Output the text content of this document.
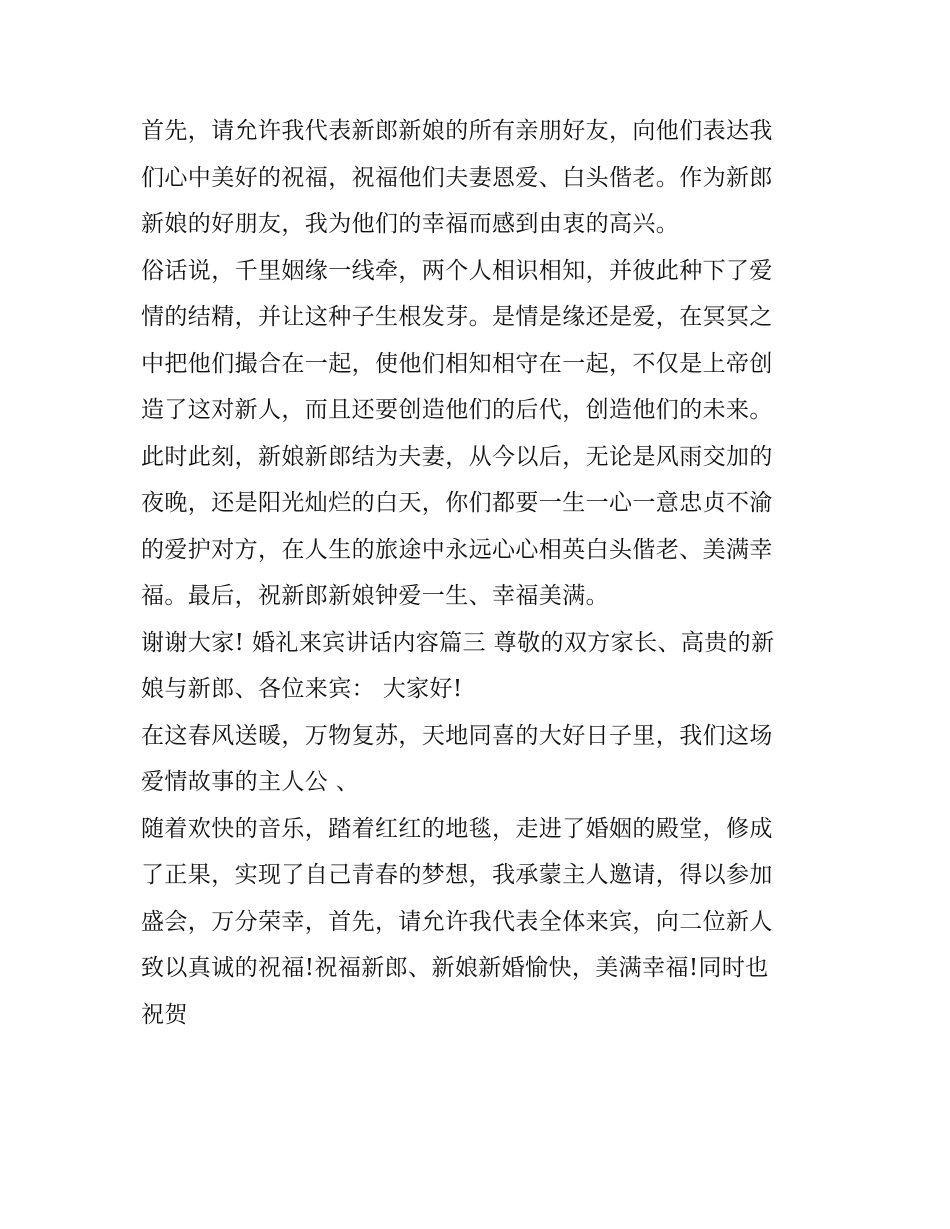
首先，请允许我代表新郎新娘的所有亲朋好友，向他们表达我
们心中美好的祝福，祝福他们夫妻恩爱、白头偕老。作为新郎
新娘的好朋友，我为他们的幸福而感到由衷的高兴。

俗话说，千里姻缘一线牵，两个人相识相知，并彼此种下了爱
情的结精，并让这种子生根发芽。是情是缘还是爱，在冥冥之
中把他们撮合在一起，使他们相知相守在一起，不仅是上帝创
造了这对新人，而且还要创造他们的后代，创造他们的未来。

此时此刻，新娘新郎结为夫妻，从今以后，无论是风雨交加的
夜晚，还是阳光灿烂的白天，你们都要一生一心一意忠贞不渝
的爱护对方，在人生的旅途中永远心心相英白头偕老、美满幸
福。最后，祝新郎新娘钟爱一生、幸福美满。

谢谢大家! 婚礼来宾讲话内容篇三 尊敬的双方家长、高贵的新
娘与新郎、各位来宾： 大家好!

在这春风送暖，万物复苏，天地同喜的大好日子里，我们这场
爱情故事的主人公 、

随着欢快的音乐，踏着红红的地毯，走进了婚姻的殿堂，修成
了正果，实现了自己青春的梦想，我承蒙主人邀请，得以参加
盛会，万分荣幸，首先，请允许我代表全体来宾，向二位新人
致以真诚的祝福!祝福新郎、新娘新婚愉快，美满幸福!同时也
祝贺
